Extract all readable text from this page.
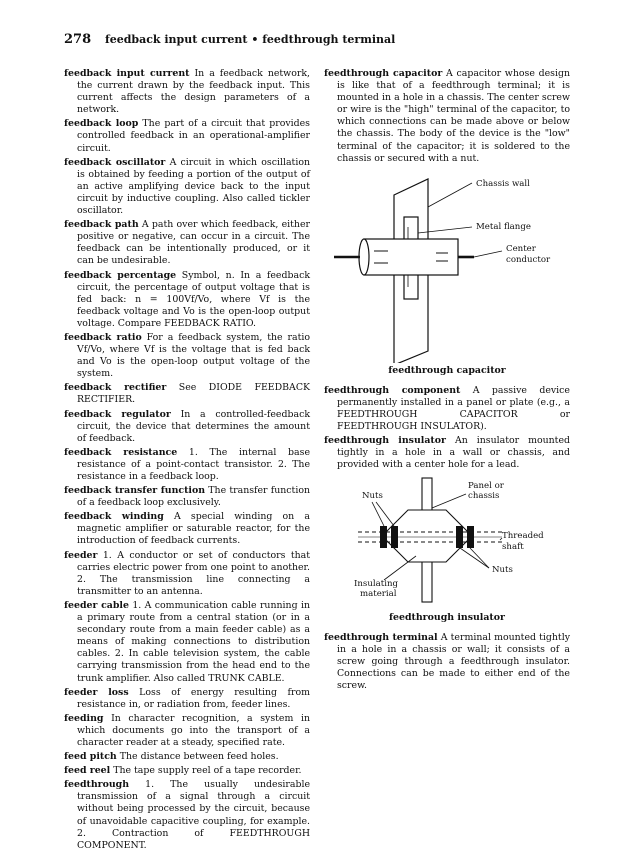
278 feedback input current • feedthrough terminal

feedback input current In a feedback network, the current drawn by the feedback input. This current affects the design parameters of a network.

feedback loop The part of a circuit that provides controlled feedback in an operational-amplifier circuit.

feedback oscillator A circuit in which oscillation is obtained by feeding a portion of the output of an active amplifying device back to the input circuit by inductive coupling. Also called tickler oscillator.

feedback path A path over which feedback, either positive or negative, can occur in a circuit. The feedback can be intentionally produced, or it can be undesirable.

feedback percentage Symbol, n. In a feedback circuit, the percentage of output voltage that is fed back: n = 100Vf/Vo, where Vf is the feedback voltage and Vo is the open-loop output voltage. Compare FEEDBACK RATIO.

feedback ratio For a feedback system, the ratio Vf/Vo, where Vf is the voltage that is fed back and Vo is the open-loop output voltage of the system.

feedback rectifier See DIODE FEEDBACK RECTIFIER.

feedback regulator In a controlled-feedback circuit, the device that determines the amount of feedback.

feedback resistance 1. The internal base resistance of a point-contact transistor. 2. The resistance in a feedback loop.

feedback transfer function The transfer function of a feedback loop exclusively.

feedback winding A special winding on a magnetic amplifier or saturable reactor, for the introduction of feedback currents.

feeder 1. A conductor or set of conductors that carries electric power from one point to another. 2. The transmission line connecting a transmitter to an antenna.

feeder cable 1. A communication cable running in a primary route from a central station (or in a secondary route from a main feeder cable) as a means of making connections to distribution cables. 2. In cable television system, the cable carrying transmission from the head end to the trunk amplifier. Also called TRUNK CABLE.

feeder loss Loss of energy resulting from resistance in, or radiation from, feeder lines.

feeding In character recognition, a system in which documents go into the transport of a character reader at a steady, specified rate.

feed pitch The distance between feed holes.

feed reel The tape supply reel of a tape recorder.

feedthrough 1. The usually undesirable transmission of a signal through a circuit without being processed by the circuit, because of unavoidable capacitive coupling, for example. 2. Contraction of FEEDTHROUGH COMPONENT.

feedthrough capacitor A capacitor whose design is like that of a feedthrough terminal; it is mounted in a hole in a chassis. The center screw or wire is the "high" terminal of the capacitor, to which connections can be made above or below the chassis. The body of the device is the "low" terminal of the capacitor; it is soldered to the chassis or secured with a nut.

Chassis wall
Metal flange
Center
conductor
feedthrough capacitor

feedthrough component A passive device permanently installed in a panel or plate (e.g., a FEEDTHROUGH CAPACITOR or FEEDTHROUGH INSULATOR).

feedthrough insulator An insulator mounted tightly in a hole in a wall or chassis, and provided with a center hole for a lead.

Panel or
chassis
Nuts
Threaded
shaft
Nuts
Insulating
material
feedthrough insulator

feedthrough terminal A terminal mounted tightly in a hole in a chassis or wall; it consists of a screw going through a feedthrough insulator. Connections can be made to either end of the screw.
